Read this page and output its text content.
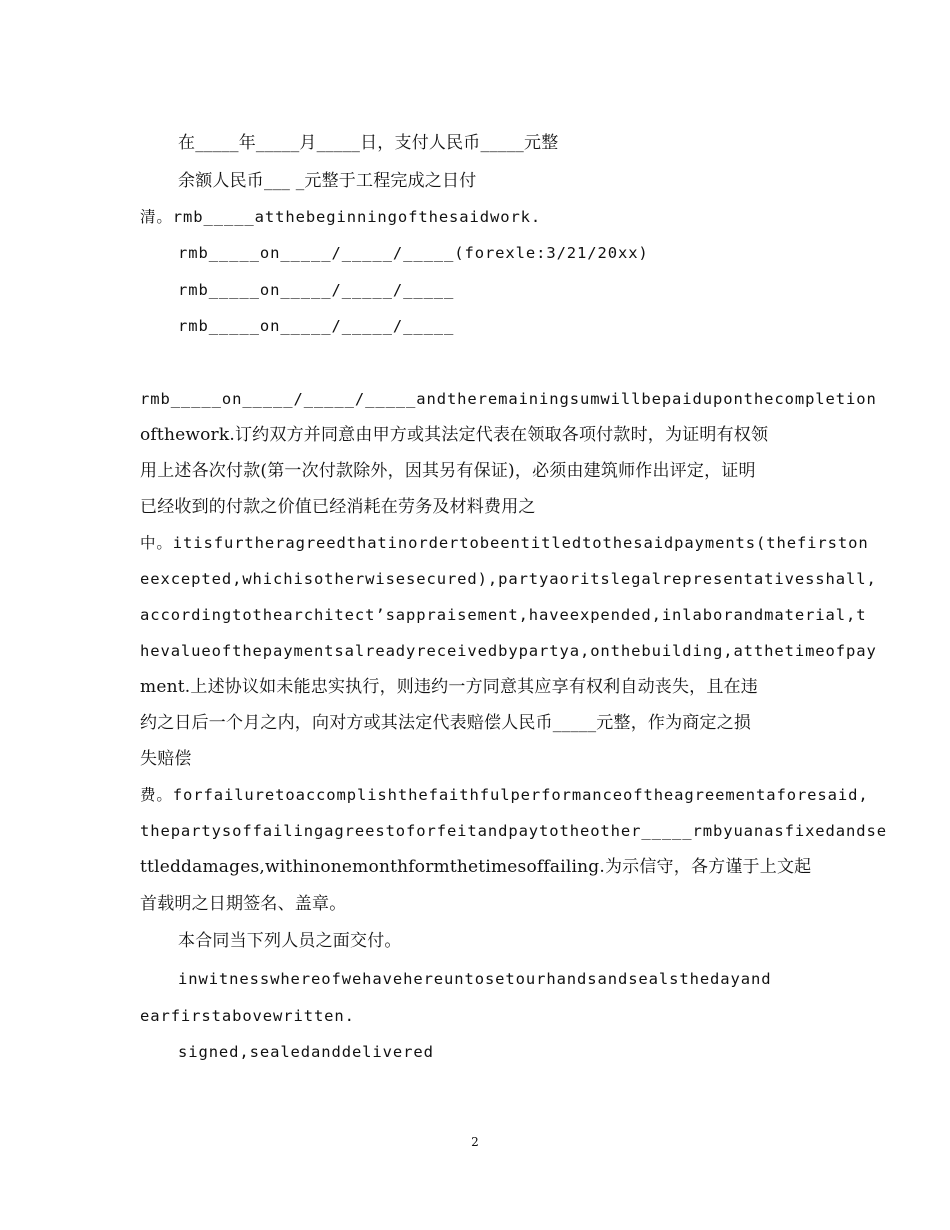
在_____年_____月_____日，支付人民币_____元整
余额人民币___ _元整于工程完成之日付
清。rmb_____atthebeginningofthesaidwork.
rmb_____on_____/_____/_____(forexle:3/21/20xx)
rmb_____on_____/_____/_____
rmb_____on_____/_____/_____
rmb_____on_____/_____/_____andtheremainingsumwillbepaiduponthecompletion
ofthework.订约双方并同意由甲方或其法定代表在领取各项付款时，为证明有权领
用上述各次付款(第一次付款除外，因其另有保证)，必须由建筑师作出评定，证明
已经收到的付款之价值已经消耗在劳务及材料费用之
中。itisfurtheragreedthatinordertobeentitledtothesaidpayments(thefirston
eexcepted,whichisotherwisesecured),partyaoritslegalrepresentativesshall,
accordingtothearchitect’sappraisement,haveexpended,inlaborandmaterial,t
hevalueofthepaymentsalreadyreceivedbypartya,onthebuilding,atthetimeofpay
ment.上述协议如未能忠实执行，则违约一方同意其应享有权利自动丧失，且在违
约之日后一个月之内，向对方或其法定代表赔偿人民币_____元整，作为商定之损
失赔偿
费。forfailuretoaccomplishthefaithfulperformanceoftheagreementaforesaid,
thepartysoffailingagreestoforfeitandpaytotheother_____rmbyuanasfixedandse
ttleddamages,withinonemonthformthetimesoffailing.为示信守，各方谨于上文起
首载明之日期签名、盖章。
本合同当下列人员之面交付。
inwitnesswhereofwehavehereuntosetourhandsandsealsthedayand
earfirstabovewritten.
signed,sealedanddelivered
2
